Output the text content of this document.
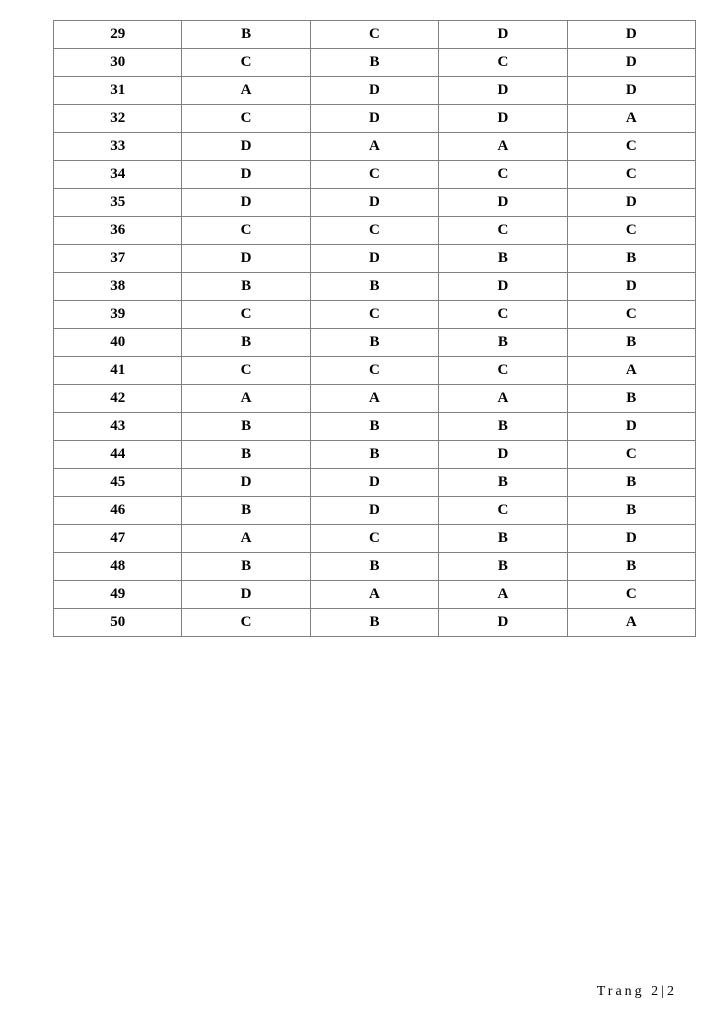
29	B	C	D	D
30	C	B	C	D
31	A	D	D	D
32	C	D	D	A
33	D	A	A	C
34	D	C	C	C
35	D	D	D	D
36	C	C	C	C
37	D	D	B	B
38	B	B	D	D
39	C	C	C	C
40	B	B	B	B
41	C	C	C	A
42	A	A	A	B
43	B	B	B	D
44	B	B	D	C
45	D	D	B	B
46	B	D	C	B
47	A	C	B	D
48	B	B	B	B
49	D	A	A	C
50	C	B	D	A
Trang 2|2
